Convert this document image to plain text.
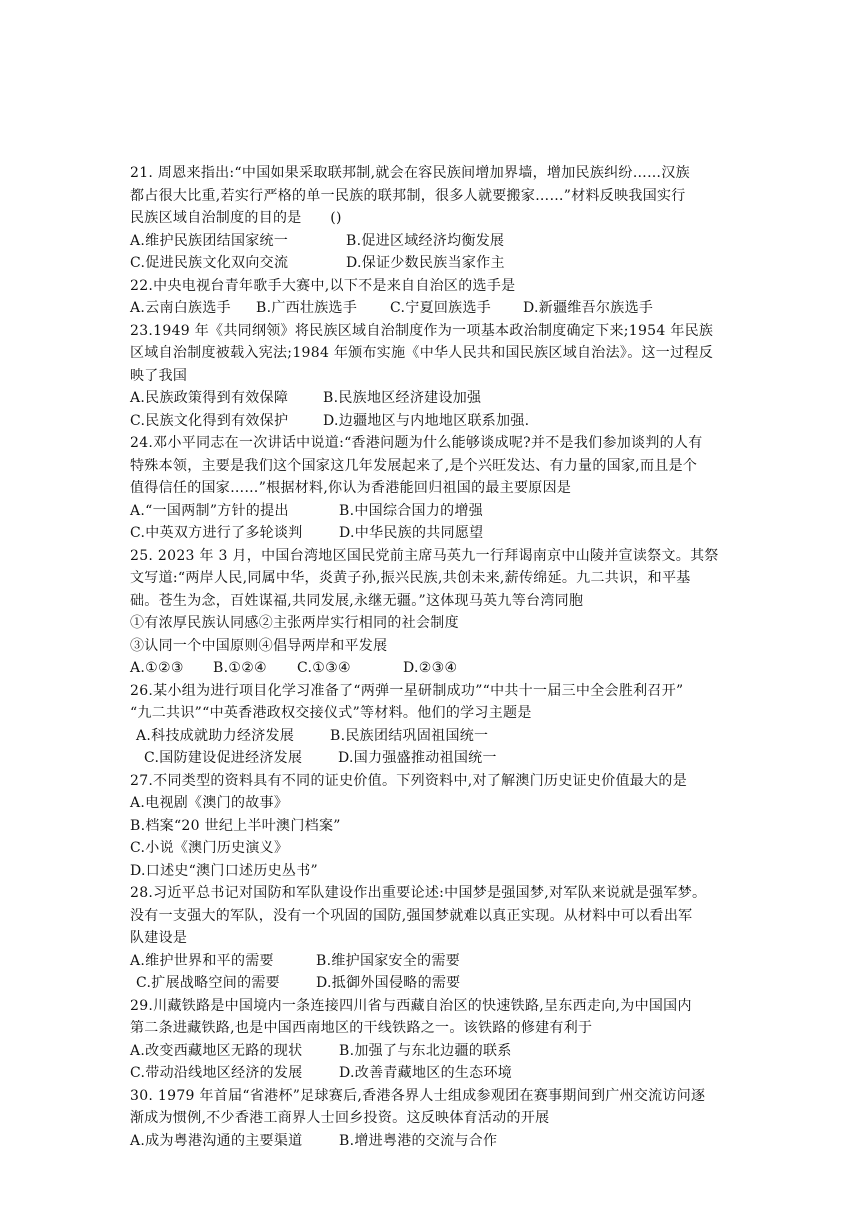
21. 周恩来指出:“中国如果采取联邦制,就会在容民族间增加界墙，增加民族纠纷……汉族
都占很大比重,若实行严格的单一民族的联邦制，很多人就要搬家……”材料反映我国实行
民族区域自治制度的目的是　　()
A.维护民族团结国家统一	B.促进区域经济均衡发展
C.促进民族文化双向交流	D.保证少数民族当家作主
22.中央电视台青年歌手大赛中,以下不是来自自治区的选手是
A.云南白族选手	B.广西壮族选手	C.宁夏回族选手	D.新疆维吾尔族选手
23.1949 年《共同纲领》将民族区域自治制度作为一项基本政治制度确定下来;1954 年民族
区域自治制度被载入宪法;1984 年颁布实施《中华人民共和国民族区域自治法》。这一过程反
映了我国
A.民族政策得到有效保障	B.民族地区经济建设加强
C.民族文化得到有效保护	D.边疆地区与内地地区联系加强.
24.邓小平同志在一次讲话中说道:“香港问题为什么能够谈成呢?并不是我们参加谈判的人有
特殊本领，主要是我们这个国家这几年发展起来了,是个兴旺发达、有力量的国家,而且是个
值得信任的国家……”根据材料,你认为香港能回归祖国的最主要原因是
A.“一国两制”方针的提出	B.中国综合国力的增强
C.中英双方进行了多轮谈判	D.中华民族的共同愿望
25. 2023 年 3 月，中国台湾地区国民党前主席马英九一行拜谒南京中山陵并宣读祭文。其祭
文写道:“两岸人民,同属中华，炎黄子孙,振兴民族,共创未来,薪传绵延。九二共识，和平基
础。苍生为念，百姓谋福,共同发展,永继无疆。”这体现马英九等台湾同胞
①有浓厚民族认同感②主张两岸实行相同的社会制度
③认同一个中国原则④倡导两岸和平发展
A.①②③	B.①②④	C.①③④	D.②③④
26.某小组为进行项目化学习准备了“两弹一星研制成功”“中共十一届三中全会胜利召开”
“九二共识”“中英香港政权交接仪式”等材料。他们的学习主题是
A.科技成就助力经济发展	B.民族团结巩固祖国统一
C.国防建设促进经济发展	D.国力强盛推动祖国统一
27.不同类型的资料具有不同的证史价值。下列资料中,对了解澳门历史证史价值最大的是
A.电视剧《澳门的故事》
B.档案“20 世纪上半叶澳门档案”
C.小说《澳门历史演义》
D.口述史“澳门口述历史丛书”
28.习近平总书记对国防和军队建设作出重要论述:中国梦是强国梦,对军队来说就是强军梦。
没有一支强大的军队，没有一个巩固的国防,强国梦就难以真正实现。从材料中可以看出军
队建设是
A.维护世界和平的需要	B.维护国家安全的需要
C.扩展战略空间的需要	D.抵御外国侵略的需要
29.川藏铁路是中国境内一条连接四川省与西藏自治区的快速铁路,呈东西走向,为中国国内
第二条进藏铁路,也是中国西南地区的干线铁路之一。该铁路的修建有利于
A.改变西藏地区无路的现状	B.加强了与东北边疆的联系
C.带动沿线地区经济的发展	D.改善青藏地区的生态环境
30. 1979 年首届“省港杯”足球赛后,香港各界人士组成参观团在赛事期间到广州交流访问逐
渐成为惯例,不少香港工商界人士回乡投资。这反映体育活动的开展
A.成为粤港沟通的主要渠道	B.增进粤港的交流与合作
